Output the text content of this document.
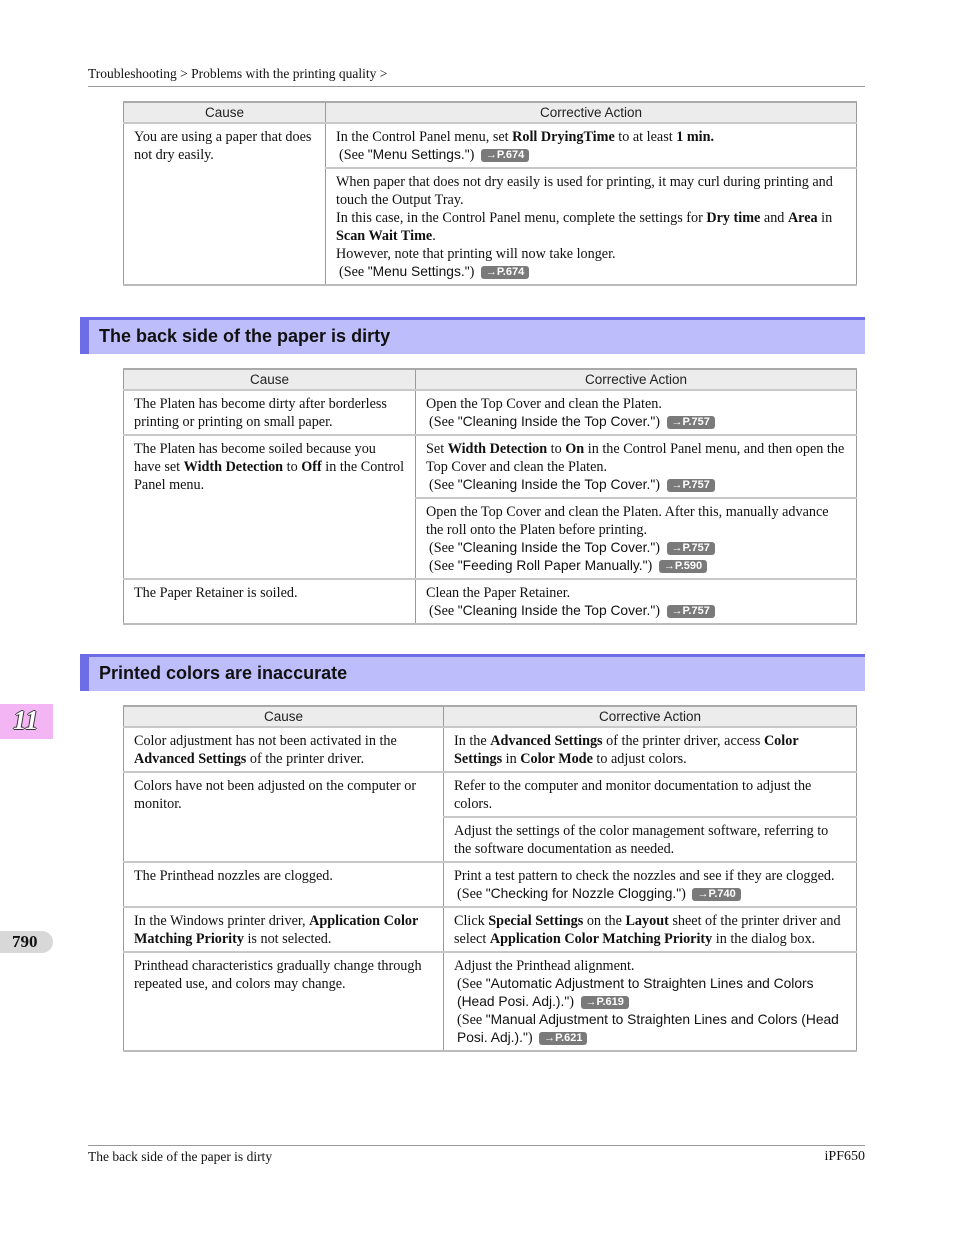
Troubleshooting > Problems with the printing quality >
Cause	Corrective Action
You are using a paper that does not dry easily.	In the Control Panel menu, set Roll DryingTime to at least 1 min.
(See "Menu Settings.") →P.674

	When paper that does not dry easily is used for printing, it may curl during printing and touch the Output Tray.
In this case, in the Control Panel menu, complete the settings for Dry time and Area in Scan Wait Time.
However, note that printing will now take longer.
(See "Menu Settings.") →P.674
The back side of the paper is dirty
Cause	Corrective Action
The Platen has become dirty after borderless printing or printing on small paper.	Open the Top Cover and clean the Platen.
(See "Cleaning Inside the Top Cover.") →P.757

The Platen has become soiled because you have set Width Detection to Off in the Control Panel menu.	Set Width Detection to On in the Control Panel menu, and then open the Top Cover and clean the Platen.
(See "Cleaning Inside the Top Cover.") →P.757

	Open the Top Cover and clean the Platen. After this, manually advance the roll onto the Platen before printing.
(See "Cleaning Inside the Top Cover.") →P.757
(See "Feeding Roll Paper Manually.") →P.590

The Paper Retainer is soiled.	Clean the Paper Retainer.
(See "Cleaning Inside the Top Cover.") →P.757
Printed colors are inaccurate
Cause	Corrective Action
Color adjustment has not been activated in the Advanced Settings of the printer driver.	In the Advanced Settings of the printer driver, access Color Settings in Color Mode to adjust colors.
Colors have not been adjusted on the computer or monitor.	Refer to the computer and monitor documentation to adjust the colors.
	Adjust the settings of the color management software, referring to the software documentation as needed.
The Printhead nozzles are clogged.	Print a test pattern to check the nozzles and see if they are clogged.
(See "Checking for Nozzle Clogging.") →P.740

In the Windows printer driver, Application Color Matching Priority is not selected.	Click Special Settings on the Layout sheet of the printer driver and select Application Color Matching Priority in the dialog box.
Printhead characteristics gradually change through repeated use, and colors may change.	Adjust the Printhead alignment.
(See "Automatic Adjustment to Straighten Lines and Colors (Head Posi. Adj.).") →P.619
(See "Manual Adjustment to Straighten Lines and Colors (Head Posi. Adj.).") →P.621
11
790
The back side of the paper is dirty	iPF650
